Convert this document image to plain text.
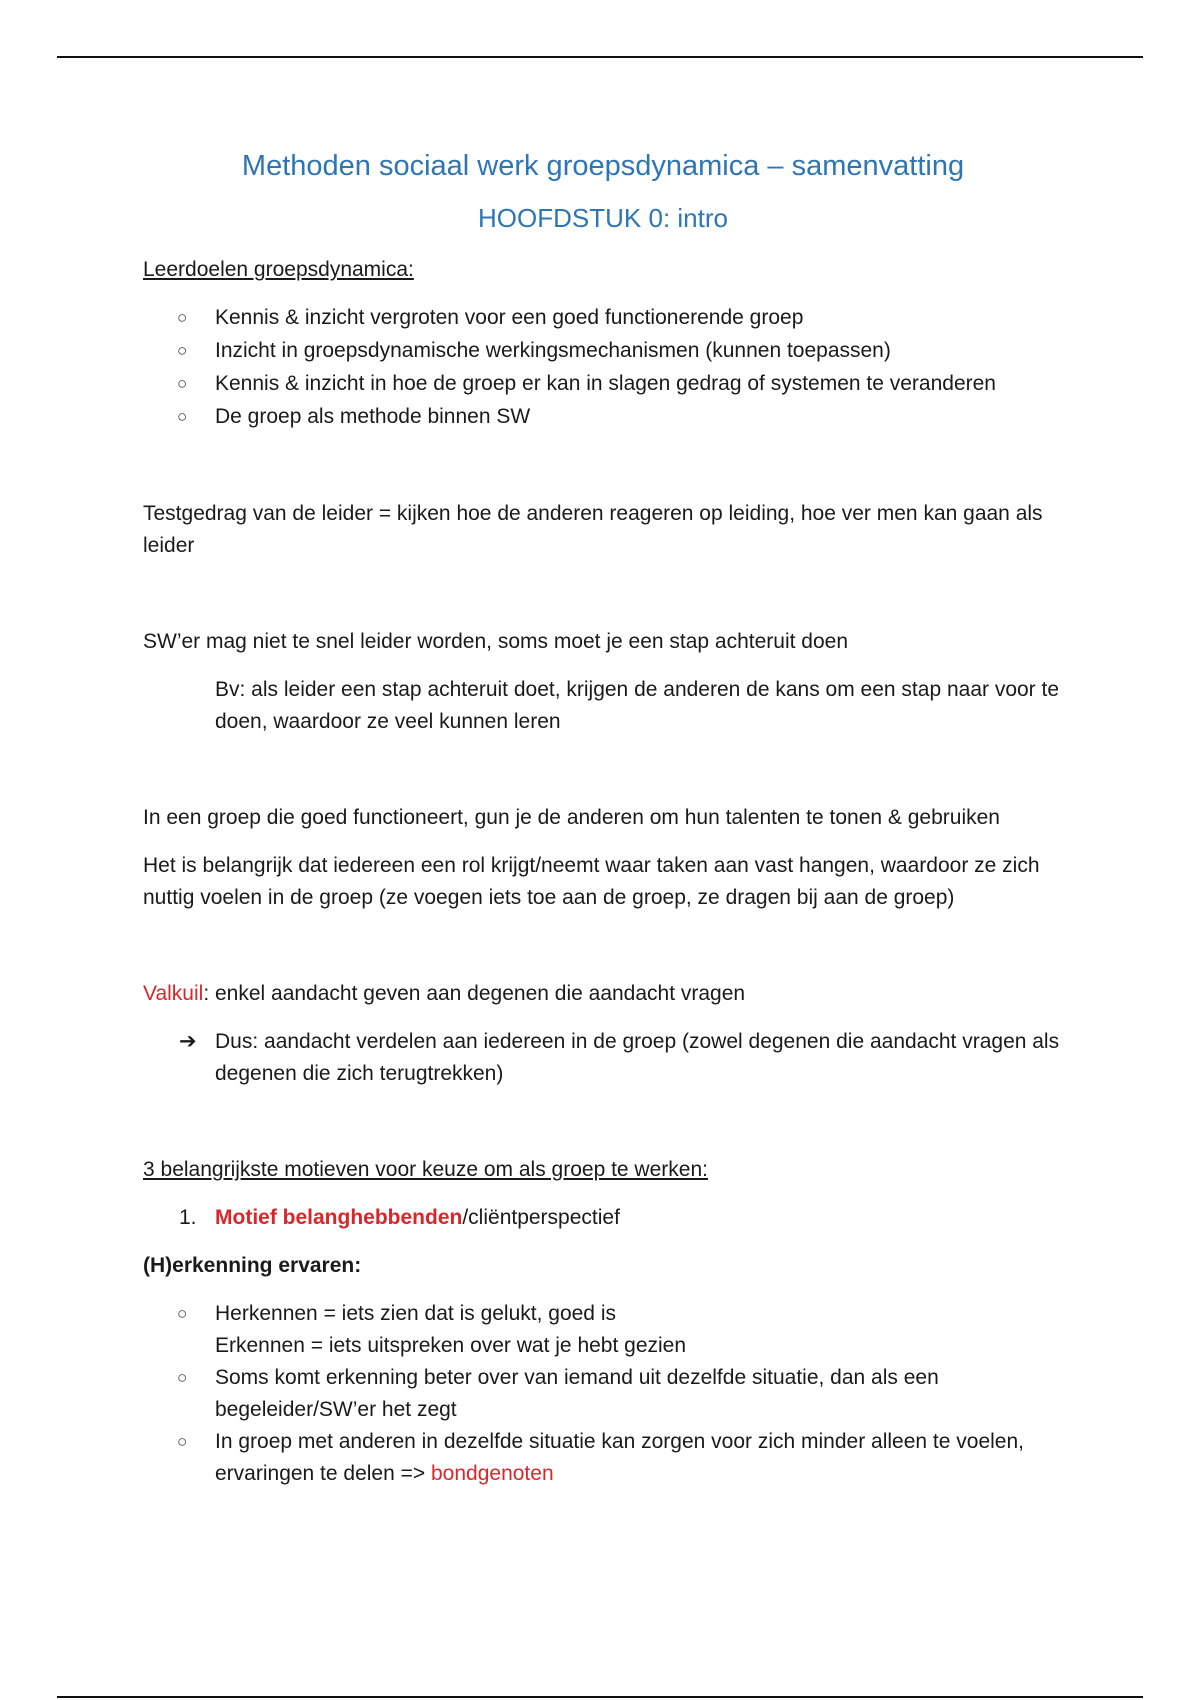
Methoden sociaal werk groepsdynamica – samenvatting
HOOFDSTUK 0: intro

Leerdoelen groepsdynamica:

○ Kennis & inzicht vergroten voor een goed functionerende groep
○ Inzicht in groepsdynamische werkingsmechanismen (kunnen toepassen)
○ Kennis & inzicht in hoe de groep er kan in slagen gedrag of systemen te veranderen
○ De groep als methode binnen SW

Testgedrag van de leider = kijken hoe de anderen reageren op leiding, hoe ver men kan gaan als leider

SW’er mag niet te snel leider worden, soms moet je een stap achteruit doen

Bv: als leider een stap achteruit doet, krijgen de anderen de kans om een stap naar voor te doen, waardoor ze veel kunnen leren

In een groep die goed functioneert, gun je de anderen om hun talenten te tonen & gebruiken

Het is belangrijk dat iedereen een rol krijgt/neemt waar taken aan vast hangen, waardoor ze zich nuttig voelen in de groep (ze voegen iets toe aan de groep, ze dragen bij aan de groep)

Valkuil: enkel aandacht geven aan degenen die aandacht vragen

➔ Dus: aandacht verdelen aan iedereen in de groep (zowel degenen die aandacht vragen als degenen die zich terugtrekken)

3 belangrijkste motieven voor keuze om als groep te werken:

1. Motief belanghebbenden/cliëntperspectief

(H)erkenning ervaren:

○ Herkennen = iets zien dat is gelukt, goed is
Erkennen = iets uitspreken over wat je hebt gezien
○ Soms komt erkenning beter over van iemand uit dezelfde situatie, dan als een begeleider/SW’er het zegt
○ In groep met anderen in dezelfde situatie kan zorgen voor zich minder alleen te voelen, ervaringen te delen => bondgenoten
